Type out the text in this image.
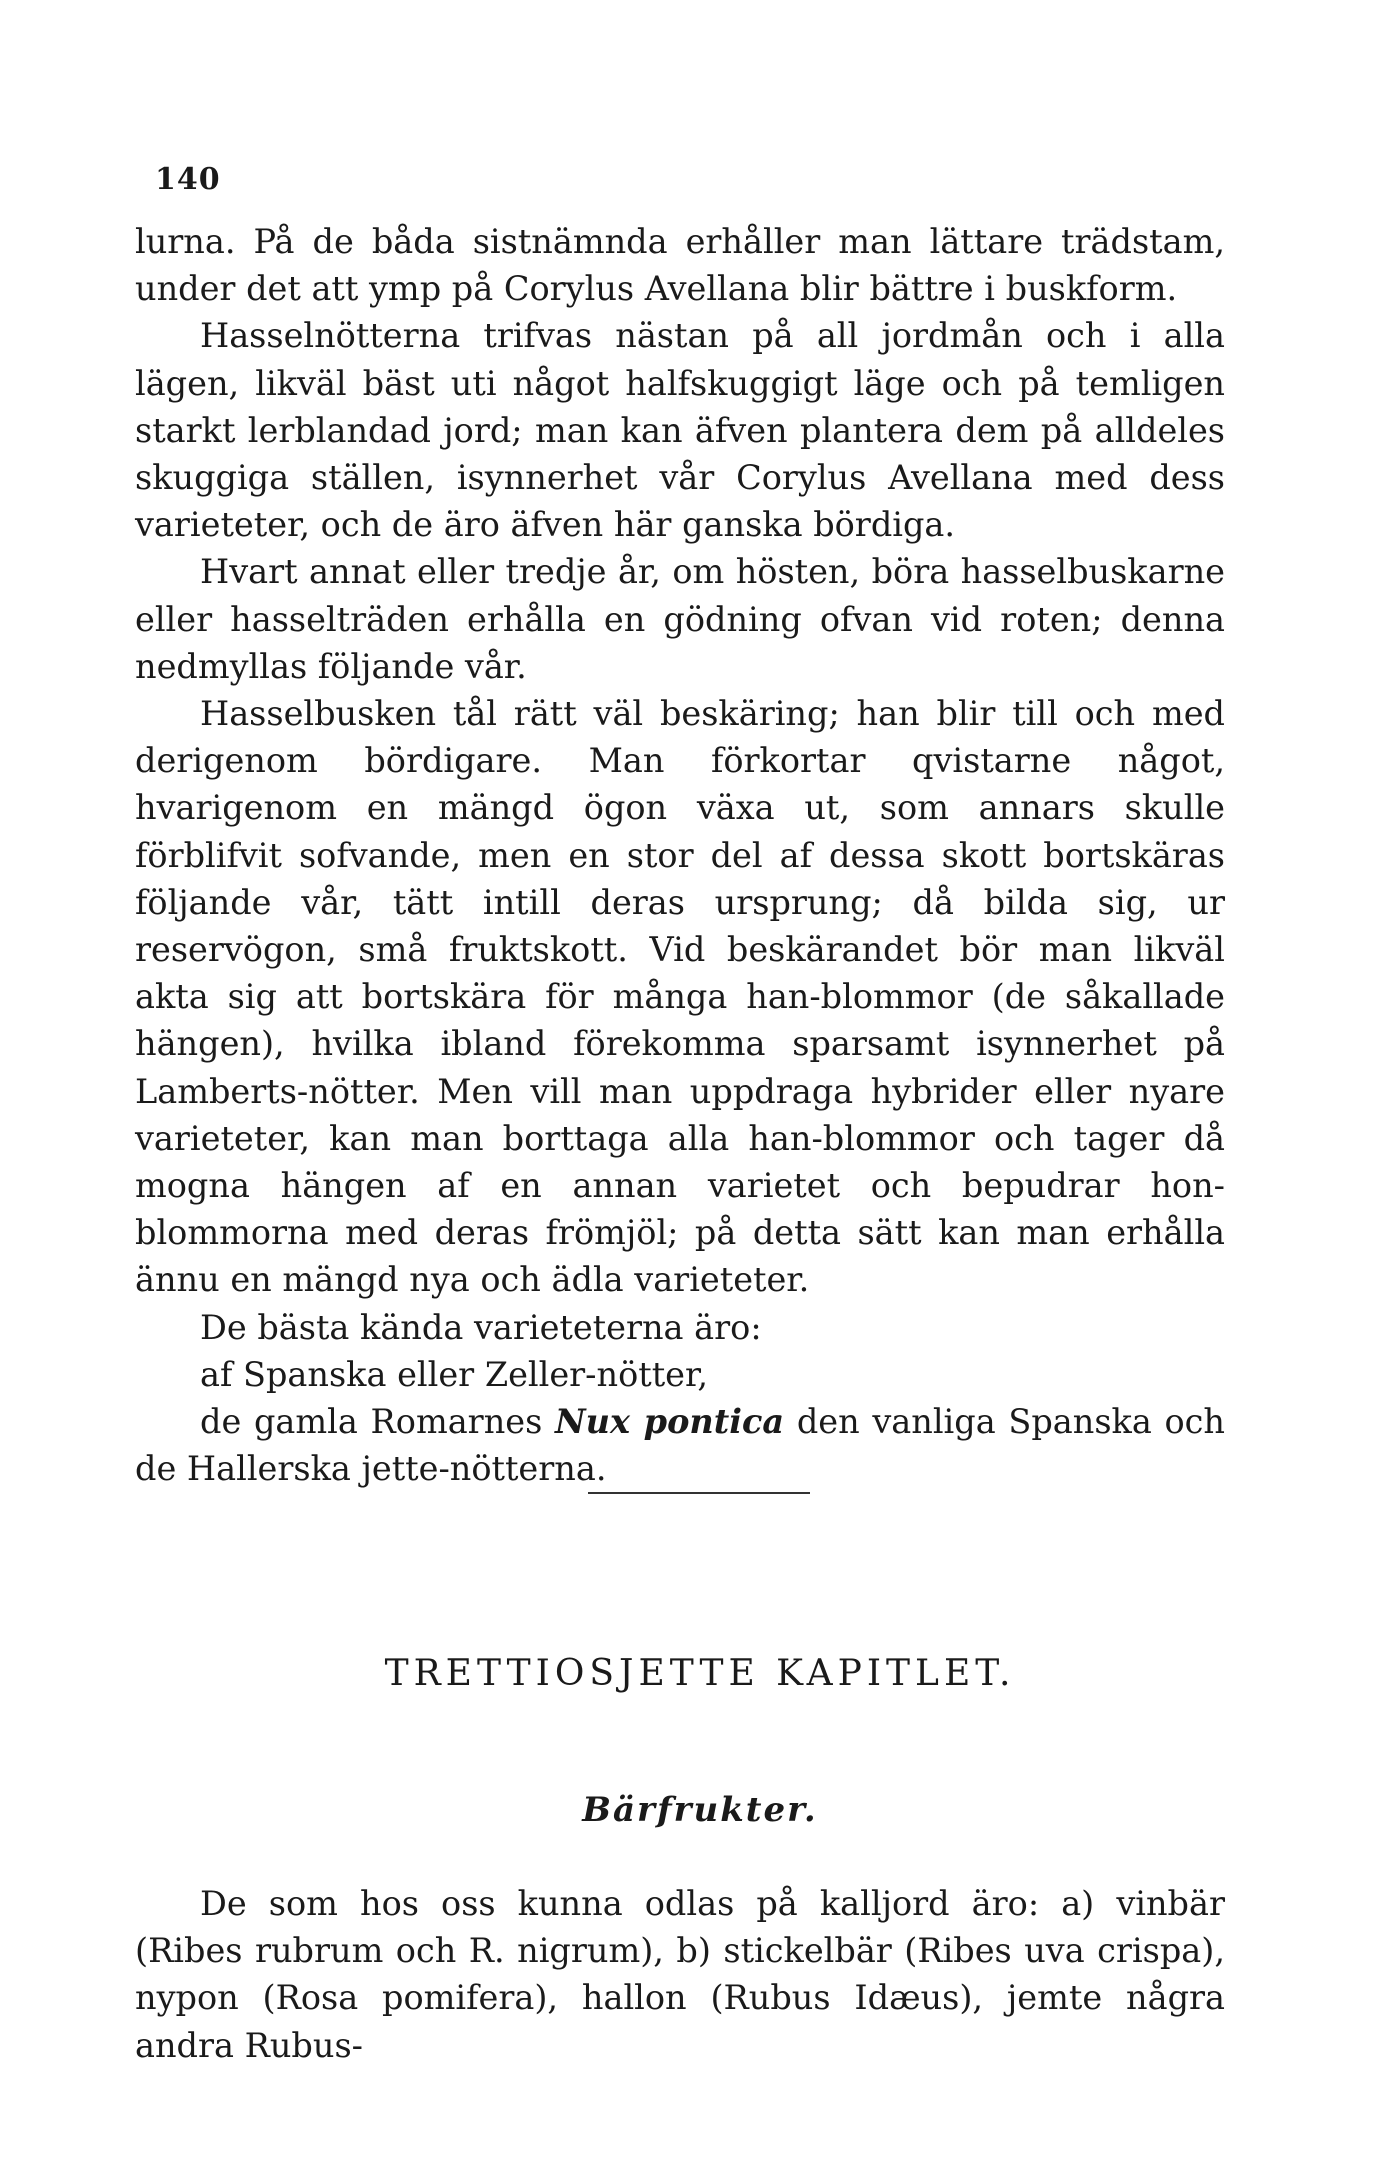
140

lurna. På de båda sistnämnda erhåller man lättare trädstam, under det att ymp på Corylus Avellana blir bättre i buskform.

Hasselnötterna trifvas nästan på all jordmån och i alla lägen, likväl bäst uti något halfskuggigt läge och på temligen starkt lerblandad jord; man kan äfven plantera dem på alldeles skuggiga ställen, isynnerhet vår Corylus Avellana med dess varieteter, och de äro äfven här ganska bördiga.

Hvart annat eller tredje år, om hösten, böra hasselbuskarne eller hasselträden erhålla en gödning ofvan vid roten; denna nedmyllas följande vår.

Hasselbusken tål rätt väl beskäring; han blir till och med derigenom bördigare. Man förkortar qvistarne något, hvarigenom en mängd ögon växa ut, som annars skulle förblifvit sofvande, men en stor del af dessa skott bortskäras följande vår, tätt intill deras ursprung; då bilda sig, ur reservögon, små fruktskott. Vid beskärandet bör man likväl akta sig att bortskära för många han-blommor (de såkallade hängen), hvilka ibland förekomma sparsamt isynnerhet på Lamberts-nötter. Men vill man uppdraga hybrider eller nyare varieteter, kan man borttaga alla han-blommor och tager då mogna hängen af en annan varietet och bepudrar hon-blommorna med deras frömjöl; på detta sätt kan man erhålla ännu en mängd nya och ädla varieteter.

De bästa kända varieteterna äro:

af Spanska eller Zeller-nötter,

de gamla Romarnes Nux pontica den vanliga Spanska och de Hallerska jette-nötterna.

TRETTIOSJETTE KAPITLET.
Bärfrukter.

De som hos oss kunna odlas på kalljord äro: a) vinbär (Ribes rubrum och R. nigrum), b) stickelbär (Ribes uva crispa), nypon (Rosa pomifera), hallon (Rubus Idæus), jemte några andra Rubus-
